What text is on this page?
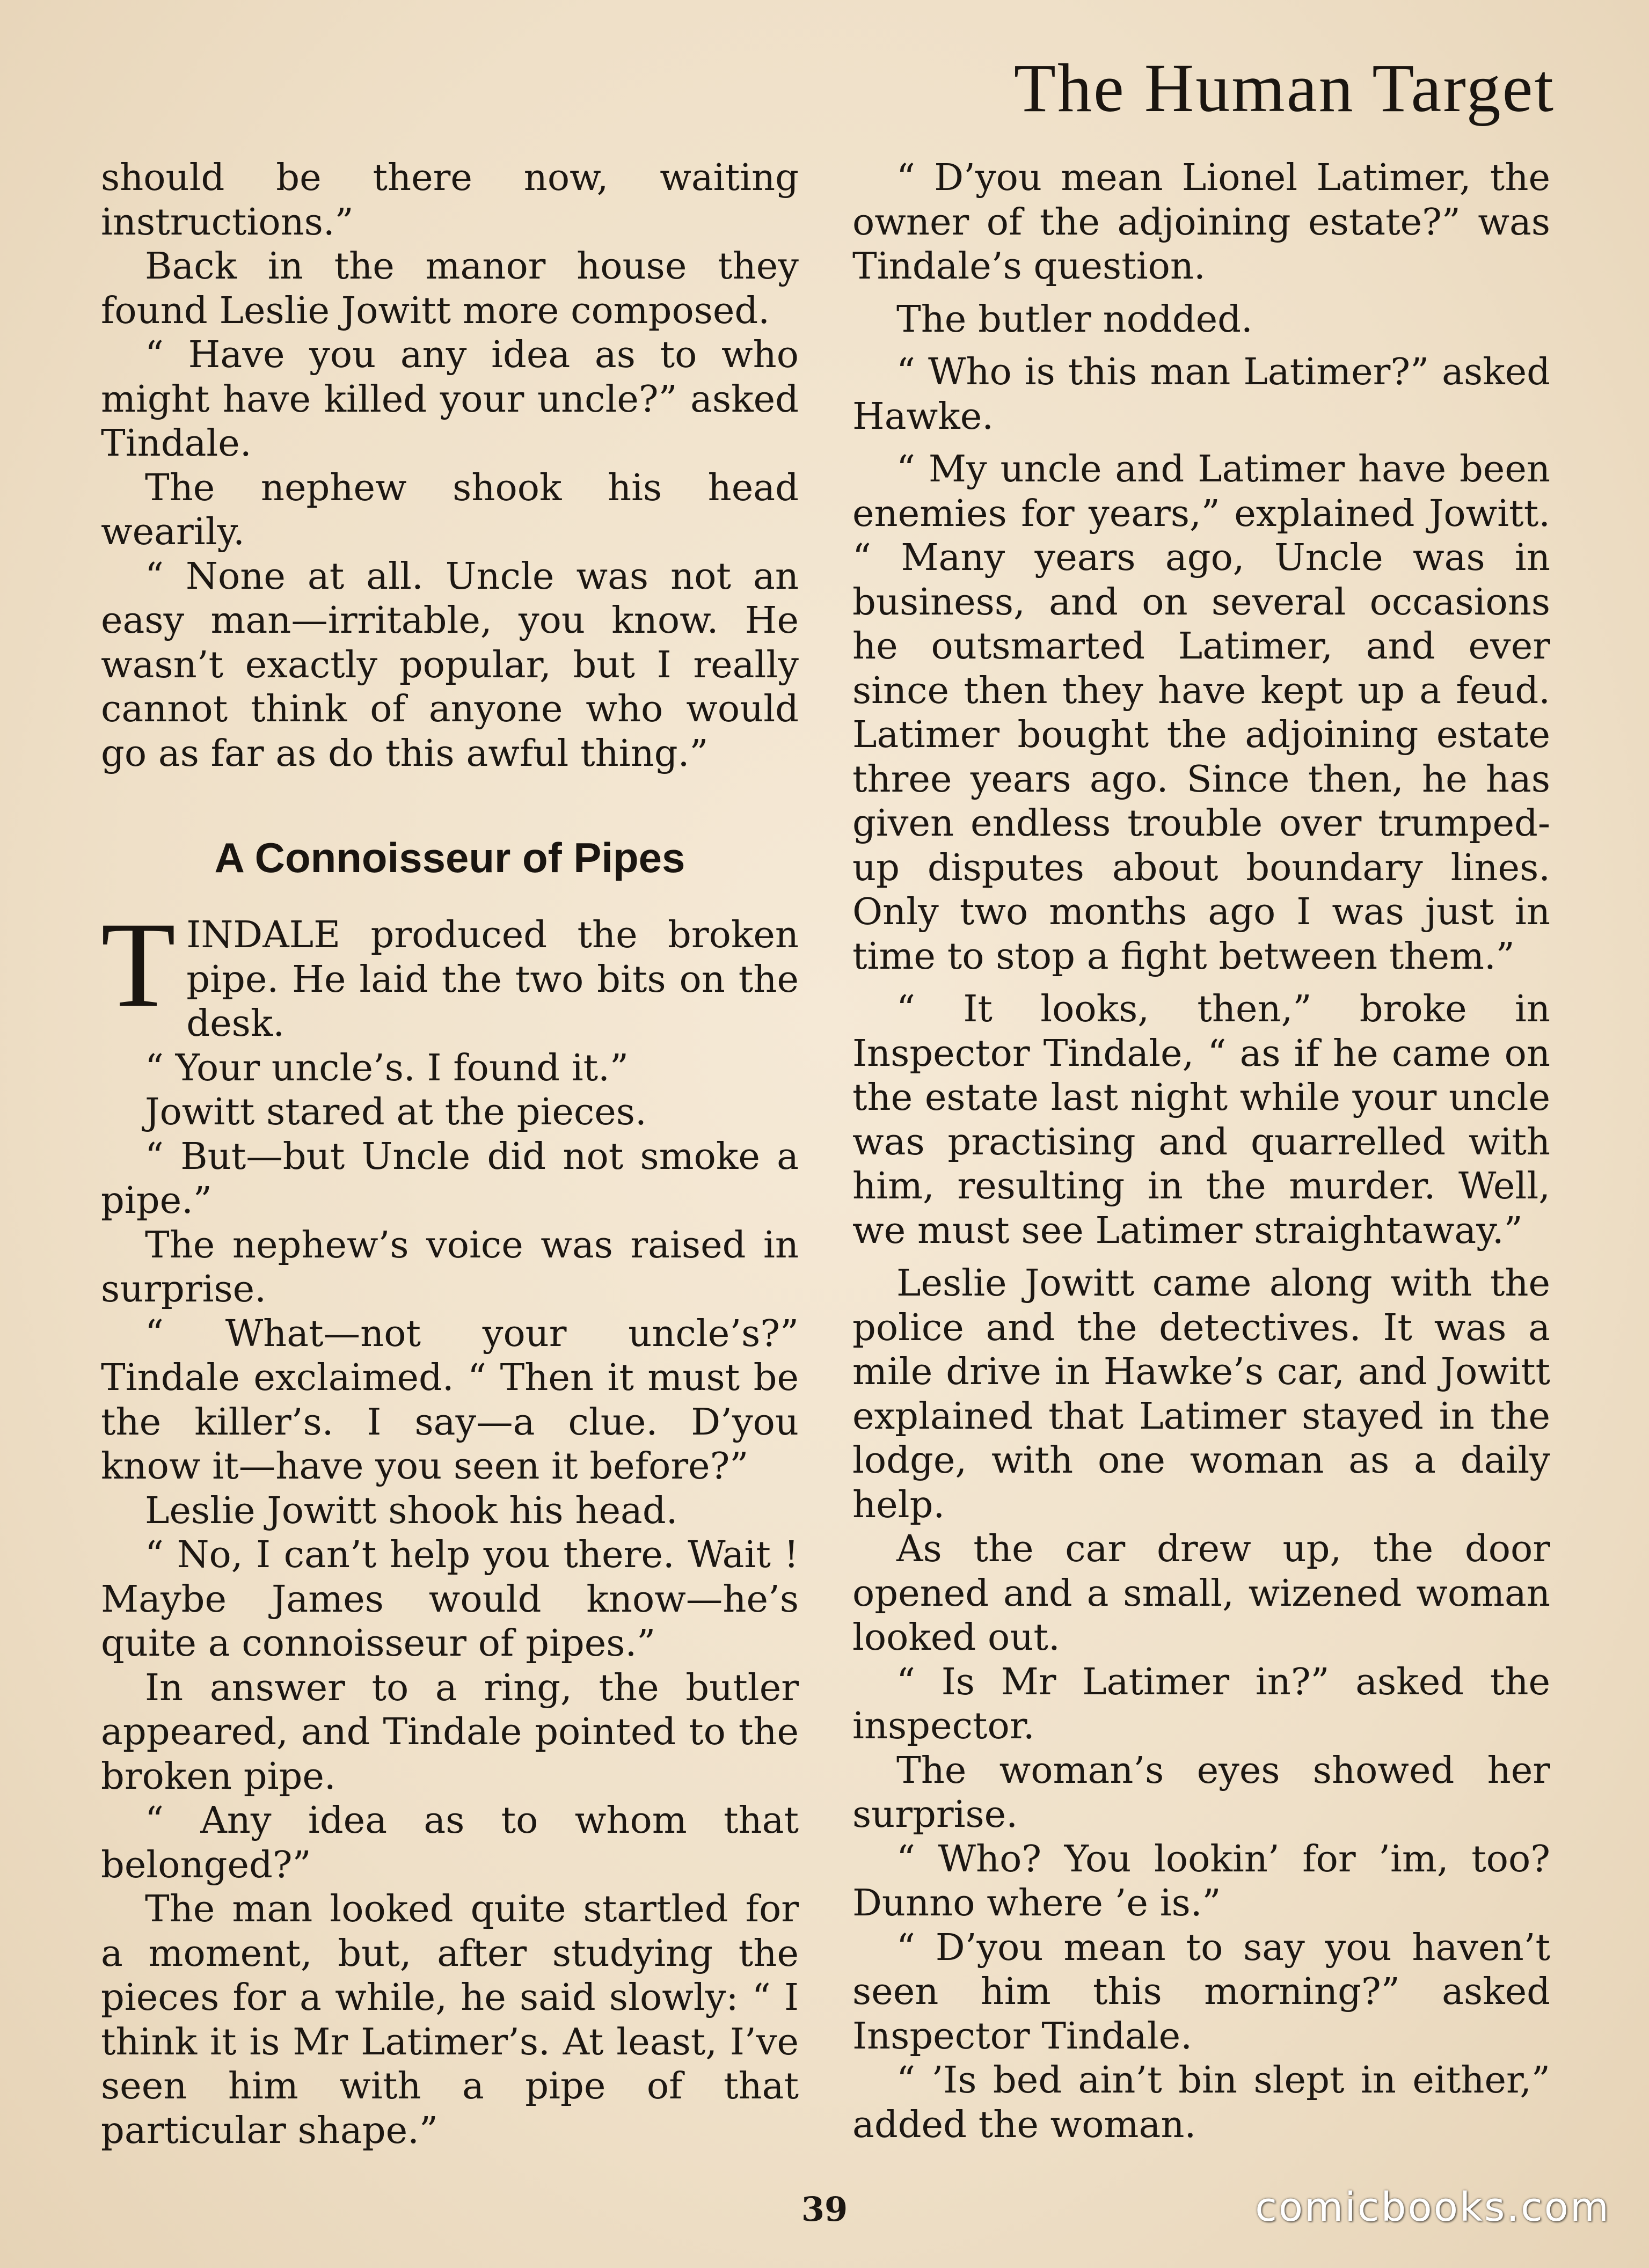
The Human Target

should be there now, waiting instructions.”

Back in the manor house they found Leslie Jowitt more composed.

“ Have you any idea as to who might have killed your uncle?” asked Tindale.

The nephew shook his head wearily.

“ None at all. Uncle was not an easy man—irritable, you know. He wasn’t exactly popular, but I really cannot think of anyone who would go as far as do this awful thing.”

A Connoisseur of Pipes

TINDALE produced the broken pipe. He laid the two bits on the desk.

“ Your uncle’s. I found it.”

Jowitt stared at the pieces.

“ But—but Uncle did not smoke a pipe.”

The nephew’s voice was raised in surprise.

“ What—not your uncle’s?” Tindale exclaimed. “ Then it must be the killer’s. I say—a clue. D’you know it—have you seen it before?”

Leslie Jowitt shook his head.

“ No, I can’t help you there. Wait ! Maybe James would know—he’s quite a connoisseur of pipes.”

In answer to a ring, the butler appeared, and Tindale pointed to the broken pipe.

“ Any idea as to whom that belonged?”

The man looked quite startled for a moment, but, after studying the pieces for a while, he said slowly: “ I think it is Mr Latimer’s. At least, I’ve seen him with a pipe of that particular shape.”

“ D’you mean Lionel Latimer, the owner of the adjoining estate?” was Tindale’s question.

The butler nodded.

“ Who is this man Latimer?” asked Hawke.

“ My uncle and Latimer have been enemies for years,” explained Jowitt. “ Many years ago, Uncle was in business, and on several occasions he outsmarted Latimer, and ever since then they have kept up a feud. Latimer bought the adjoining estate three years ago. Since then, he has given endless trouble over trumped-up disputes about boundary lines. Only two months ago I was just in time to stop a fight between them.”

“ It looks, then,” broke in Inspector Tindale, “ as if he came on the estate last night while your uncle was practising and quarrelled with him, resulting in the murder. Well, we must see Latimer straightaway.”

Leslie Jowitt came along with the police and the detectives. It was a mile drive in Hawke’s car, and Jowitt explained that Latimer stayed in the lodge, with one woman as a daily help.

As the car drew up, the door opened and a small, wizened woman looked out.

“ Is Mr Latimer in?” asked the inspector.

The woman’s eyes showed her surprise.

“ Who? You lookin’ for ’im, too? Dunno where ’e is.”

“ D’you mean to say you haven’t seen him this morning?” asked Inspector Tindale.

“ ’Is bed ain’t bin slept in either,” added the woman.

39	comicbooks.com
